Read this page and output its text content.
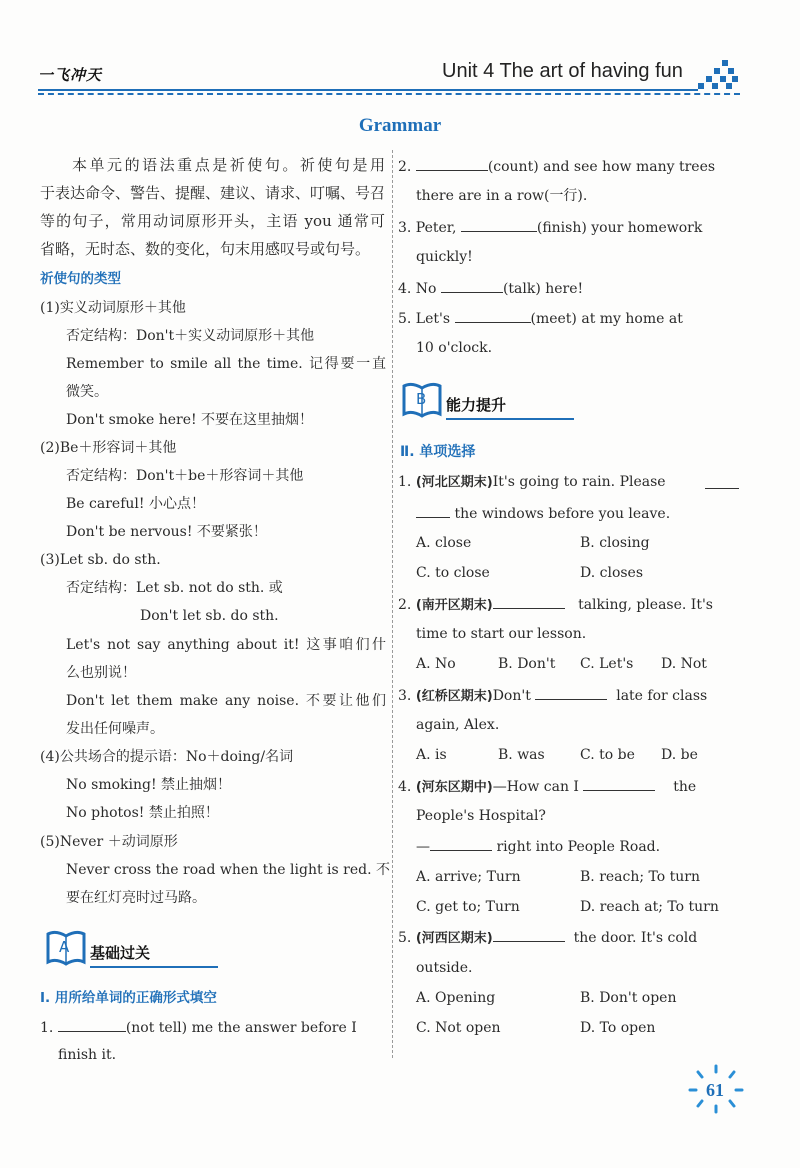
一飞冲天	Unit 4 The art of having fun
Grammar
本单元的语法重点是祈使句。祈使句是用
于表达命令、警告、提醒、建议、请求、叮嘱、号召
等的句子，常用动词原形开头，主语 you 通常可
省略，无时态、数的变化，句末用感叹号或句号。
祈使句的类型
(1)实义动词原形＋其他
否定结构：Don't＋实义动词原形＋其他
Remember to smile all the time. 记得要一直
微笑。
Don't smoke here! 不要在这里抽烟！
(2)Be＋形容词＋其他
否定结构：Don't＋be＋形容词＋其他
Be careful! 小心点！
Don't be nervous! 不要紧张！
(3)Let sb. do sth.
否定结构：Let sb. not do sth. 或
Don't let sb. do sth.
Let's not say anything about it! 这事咱们什
么也别说！
Don't let them make any noise. 不要让他们
发出任何噪声。
(4)公共场合的提示语：No＋doing/名词
No smoking! 禁止抽烟！
No photos! 禁止拍照！
(5)Never ＋动词原形
Never cross the road when the light is red. 不
要在红灯亮时过马路。
A 基础过关
Ⅰ. 用所给单词的正确形式填空
1.	(not tell) me the answer before I
finish it.
2.	(count) and see how many trees
there are in a row(一行).
3. Peter,	(finish) your homework
quickly!
4. No	(talk) here!
5. Let's	(meet) at my home at
10 o'clock.
B 能力提升
Ⅱ. 单项选择
1. (河北区期末)It's going to rain. Please
the windows before you leave.
A. close	B. closing
C. to close	D. closes
2. (南开区期末)	talking, please. It's
time to start our lesson.
A. No	B. Don't C. Let's D. Not
3. (红桥区期末)Don't	late for class
again, Alex.
A. is	B. was	C. to be D. be
4. (河东区期中)—How can I	the
People's Hospital?
—	right into People Road.
A. arrive; Turn	B. reach; To turn
C. get to; Turn	D. reach at; To turn
5. (河西区期末)	the door. It's cold
outside.
A. Opening	B. Don't open
C. Not open	D. To open
61
